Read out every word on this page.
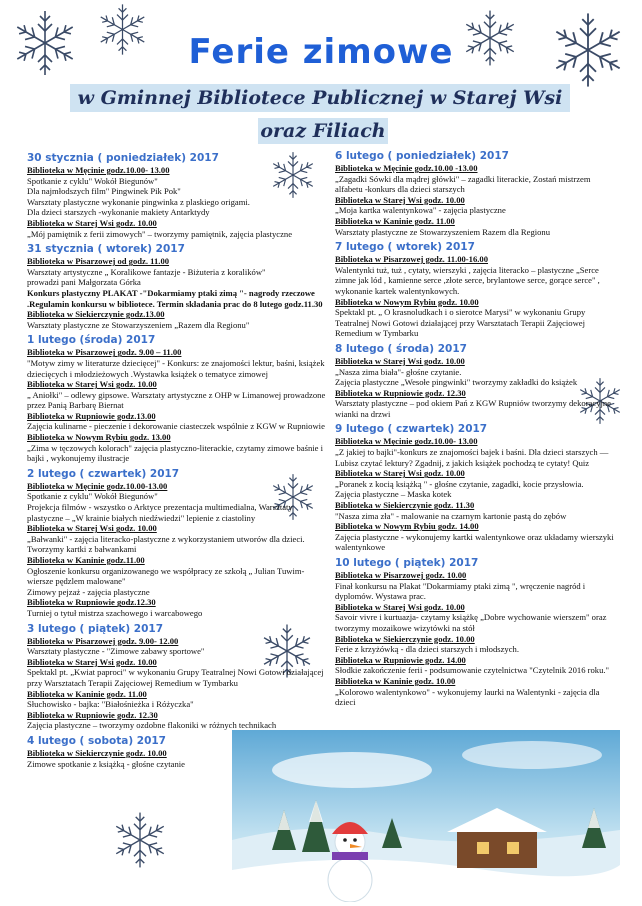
Ferie zimowe
w Gminnej Bibliotece Publicznej w Starej Wsi
oraz Filiach
30 stycznia ( poniedziałek) 2017
Biblioteka w Męcinie godz.10.00- 13.00
Spotkanie z cyklu" Wokół Biegunów"
Dla najmłodszych film" Pingwinek Pik Pok"
Warsztaty plastyczne wykonanie pingwinka z plaskiego origami.
Dla dzieci starszych -wykonanie makiety Antarktydy
Biblioteka w Starej Wsi godz. 10.00
„Mój pamiętnik z ferii zimowych" – tworzymy pamiętnik, zajęcia plastyczne
31 stycznia ( wtorek) 2017
Biblioteka w Pisarzowej od godz. 11.00
Warsztaty artystyczne „ Koralikowe fantazje - Biżuteria z koralików"
prowadzi pani Małgorzata Górka
Konkurs plastyczny PLAKAT -"Dokarmiamy ptaki zimą "- nagrody rzeczowe .Regulamin konkursu w bibliotece. Termin składania prac do 8 lutego godz.11.30
Biblioteka w Siekierczynie godz.13.00
Warsztaty plastyczne ze Stowarzyszeniem „Razem dla Regionu"
1 lutego (środa) 2017
Biblioteka w Pisarzowej godz. 9.00 – 11.00
"Motyw zimy w literaturze dziecięcej" - Konkurs: ze znajomości lektur, baśni, książek dziecięcych i młodzieżowych .Wystawka książek o tematyce zimowej
Biblioteka w Starej Wsi godz. 10.00
„ Aniołki" – odlewy gipsowe. Warsztaty artystyczne z OHP w Limanowej prowadzone przez Panią Barbarę Biernat
Biblioteka w Rupniowie godz.13.00
Zajęcia kulinarne - pieczenie i dekorowanie ciasteczek wspólnie z KGW w Rupniowie
Biblioteka w Nowym Rybiu godz. 13.00
„Zima w tęczowych kolorach" zajęcia plastyczno-literackie, czytamy zimowe baśnie i bajki , wykonujemy ilustracje
2 lutego ( czwartek) 2017
Biblioteka w Męcinie godz.10.00-13.00
Spotkanie z cyklu" Wokół Biegunów"
Projekcja filmów - wszystko o Arktyce prezentacja multimedialna, Warsztaty plastyczne – „W krainie białych niedźwiedzi" lepienie z ciastoliny
Biblioteka w Starej Wsi godz. 10.00
„Bałwanki" - zajęcia literacko-plastyczne z wykorzystaniem utworów dla dzieci. Tworzymy kartki z bałwankami
Biblioteka w Kaninie godz.11.00
Ogłoszenie konkursu organizowanego we współpracy ze szkołą „ Julian Tuwim- wiersze pędzlem malowane"
Zimowy pejzaż - zajęcia plastyczne
Biblioteka w Rupniowie godz.12.30
Turniej o tytuł mistrza szachowego i warcabowego
3 lutego ( piątek) 2017
Biblioteka w Pisarzowej godz. 9.00- 12.00
Warsztaty plastyczne - "Zimowe zabawy sportowe"
Biblioteka w Starej Wsi godz. 10.00
Spektakl pt. „Kwiat paproci" w wykonaniu Grupy Teatralnej Nowi Gotowi działającej przy Warsztatach Terapii Zajęciowej Remedium w Tymbarku
Biblioteka w Kaninie godz. 11.00
Słuchowisko - bajka: "Białośnieżka i Różyczka"
Biblioteka w Rupniowie godz. 12.30
Zajęcia plastyczne – tworzymy ozdobne flakoniki w różnych technikach
4 lutego ( sobota) 2017
Biblioteka w Siekierczynie godz. 10.00
Zimowe spotkanie z książką - głośne czytanie
6 lutego ( poniedziałek) 2017
Biblioteka w Męcinie godz.10.00 -13.00
„Zagadki Sówki dla mądrej główki" – zagadki literackie, Zostań mistrzem alfabetu -konkurs dla dzieci starszych
Biblioteka w Starej Wsi godz. 10.00
„Moja kartka walentynkowa" - zajęcia plastyczne
Biblioteka w Kaninie godz. 11.00
Warsztaty plastyczne ze Stowarzyszeniem Razem dla Regionu
7 lutego ( wtorek) 2017
Biblioteka w Pisarzowej godz. 11.00-16.00
Walentynki tuż, tuż , cytaty, wierszyki , zajęcia literacko – plastyczne „Serce zimne jak lód , kamienne serce ,złote serce, brylantowe serce, gorące serce" , wykonanie kartek walentynkowych.
Biblioteka w Nowym Rybiu godz. 10.00
Spektakl pt. „ O krasnoludkach i o sierotce Marysi" w wykonaniu Grupy Teatralnej Nowi Gotowi działającej przy Warsztatach Terapii Zajęciowej Remedium w Tymbarku
8 lutego ( środa) 2017
Biblioteka w Starej Wsi godz. 10.00
„Nasza zima biała"- głośne czytanie.
Zajęcia plastyczne „Wesołe pingwinki" tworzymy zakładki do książek
Biblioteka w Rupniowie godz. 12.30
Warsztaty plastyczne – pod okiem Pań z KGW Rupniów tworzymy dekoracyjne wianki na drzwi
9 lutego ( czwartek) 2017
Biblioteka w Męcinie godz.10.00- 13.00
„Z jakiej to bajki"-konkurs ze znajomości bajek i baśni. Dla dzieci starszych — Lubisz czytać lektury? Zgadnij, z jakich książek pochodzą te cytaty! Quiz
Biblioteka w Starej Wsi godz. 10.00
„Poranek z kocią książką " - głośne czytanie, zagadki, kocie przysłowia.
Zajęcia plastyczne – Maska kotek
Biblioteka w Siekierczynie godz. 11.30
"Nasza zima zła" - malowanie na czarnym kartonie pastą do zębów
Biblioteka w Nowym Rybiu godz. 14.00
Zajęcia plastyczne - wykonujemy kartki walentynkowe oraz układamy wierszyki walentynkowe
10 lutego ( piątek) 2017
Biblioteka w Pisarzowej godz. 10.00
Finał konkursu na Plakat "Dokarmiamy ptaki zimą ", wręczenie nagród i dyplomów. Wystawa prac.
Biblioteka w Starej Wsi godz. 10.00
Savoir vivre i kurtuazja- czytamy książkę „Dobre wychowanie wierszem" oraz tworzymy mozaikowe wizytówki na stół
Biblioteka w Siekierczynie godz. 10.00
Ferie z krzyżówką - dla dzieci starszych i młodszych.
Biblioteka w Rupniowie godz. 14.00
Słodkie zakończenie ferii - podsumowanie czytelnictwa "Czytelnik 2016 roku."
Biblioteka w Kaninie godz. 10.00
„Kolorowo walentynkowo" - wykonujemy laurki na Walentynki - zajęcia dla dzieci
